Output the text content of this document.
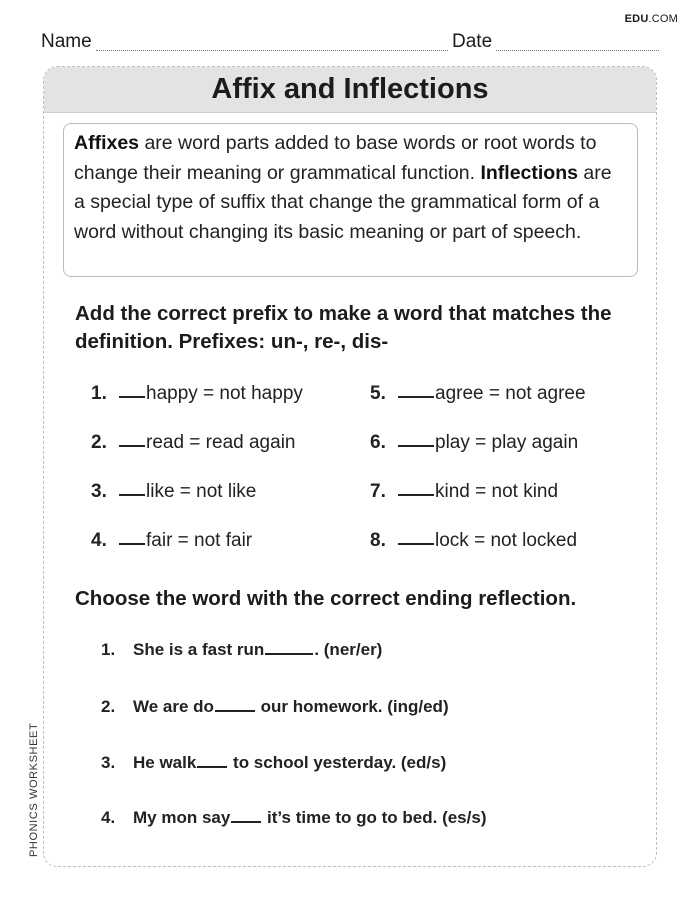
EDU.COM
Name	Date
Affix and Inflections
Affixes are word parts added to base words or root words to change their meaning or grammatical function. Inflections are a special type of suffix that change the grammatical form of a word without changing its basic meaning or part of speech.
Add the correct prefix to make a word that matches the definition. Prefixes: un-, re-, dis-
1. happy = not happy
2. read = read again
3. like = not like
4. fair = not fair
5.	agree = not agree
6.	play = play again
7.	kind = not kind
8.	lock = not locked
Choose the word with the correct ending reflection.
1. She is a fast run	. (ner/er)
2. We are do our homework. (ing/ed)
3. He walk to school yesterday. (ed/s)
4. My mon say it’s time to go to bed. (es/s)
PHONICS WORKSHEET
